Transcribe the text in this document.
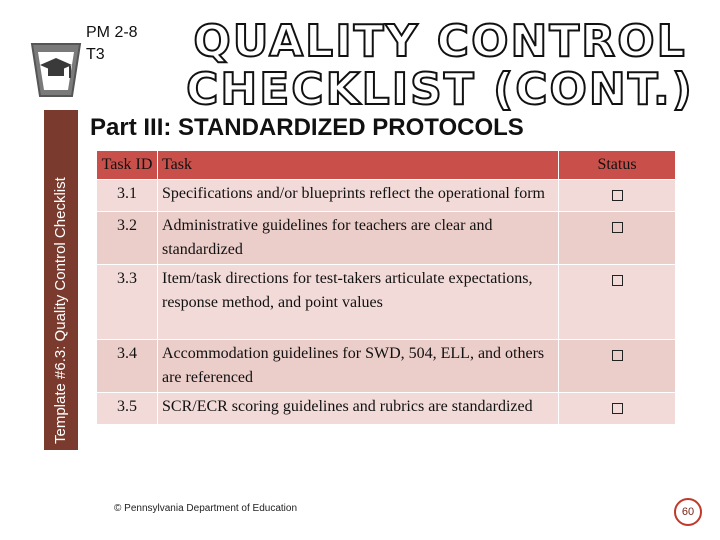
Template #6.3: Quality Control Checklist
PM 2-8
T3	QUALITY CONTROL
CHECKLIST (CONT.)
Part III: STANDARDIZED PROTOCOLS
Task ID	Task	Status
3.1	Specifications and/or blueprints reflect the operational form	
3.2	Administrative guidelines for teachers are clear and standardized	
3.3	Item/task directions for test-takers articulate expectations, response method, and point values	
3.4	Accommodation guidelines for SWD, 504, ELL, and others are referenced	
3.5	SCR/ECR scoring guidelines and rubrics are standardized	
© Pennsylvania Department of Education	60
